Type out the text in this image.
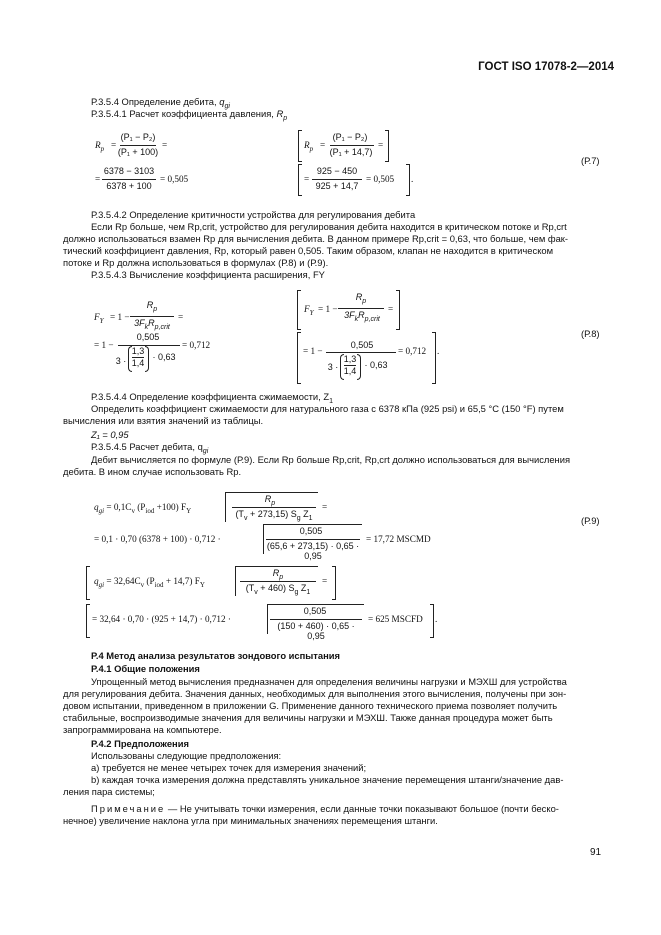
ГОСТ ISO 17078-2—2014
Р.3.5.4 Определение дебита, $q_{gi}$
Р.3.5.4.1 Расчет коэффициента давления, $R_p$
$R_p$ =
(P₁ − P₂)
(P₁ + 100)
=
=
6378 − 3103
6378 + 100
= 0,505
$R_p$ =
(P₁ − P₂)
(P₁ + 14,7)
=
=
925 − 450
925 + 14,7
= 0,505 .
(Р.7)
Р.3.5.4.2 Определение критичности устройства для регулирования дебита
Если Rp больше, чем Rp,crit, устройство для регулирования дебита находится в критическом потоке и Rp,crt
должно использоваться взамен Rp для вычисления дебита. В данном примере Rp,crit = 0,63, что больше, чем фак-
тический коэффициент давления, Rp, который равен 0,505. Таким образом, клапан не находится в критическом
потоке и Rp должна использоваться в формулах (Р.8) и (Р.9).
Р.3.5.4.3 Вычисление коэффициента расширения, FY
$F_Y = 1$ −
$R_p$
$3F_kR_{p,crit}$
=
= 1 −
0,505
3 ·
1,3
1,4
· 0,63
= 0,712
$F_Y = 1$ −
$R_p$
$3F_kR_{p,crit}$
=
= 1 −
0,505
3 ·
1,3
1,4
· 0,63
= 0,712 .
(Р.8)
Р.3.5.4.4 Определение коэффициента сжимаемости, $Z_1$
Определить коэффициент сжимаемости для натурального газа с 6378 кПа (925 psi) и 65,5 °C (150 °F) путем
вычисления или взятия значений из таблицы.
Z₁ = 0,95
Р.3.5.4.5 Расчет дебита, $q_{gi}$
Дебит вычисляется по формуле (Р.9). Если Rp больше Rp,crit, Rp,crt должно использоваться для вычисления
дебита. В ином случае использовать Rp.
$q_{gi} = 0,1C_v$ $(P_{iod} +100)$ $F_Y$
$R_p$
$(T_v + 273,15)$ $S_g$ $Z_1$
=
= 0,1 · 0,70 (6378 + 100) · 0,712 ·
0,505
(65,6 + 273,15) · 0,65 · 0,95
= 17,72 MSCMD
$q_{gi} = 32,64C_v$ $(P_{iod} + 14,7)$ $F_Y$
$R_p$
$(T_v + 460)$ $S_g$ $Z_1$
=
= 32,64 · 0,70 · (925 + 14,7) · 0,712 ·
0,505
(150 + 460) · 0,65 · 0,95
= 625 MSCFD .
(Р.9)
Р.4 Метод анализа результатов зондового испытания
Р.4.1 Общие положения
Упрощенный метод вычисления предназначен для определения величины нагрузки и МЭХШ для устройства
для регулирования дебита. Значения данных, необходимых для выполнения этого вычисления, получены при зон-
довом испытании, приведенном в приложении G. Применение данного технического приема позволяет получить
стабильные, воспроизводимые значения для величины нагрузки и МЭХШ. Также данная процедура может быть
запрограммирована на компьютере.
Р.4.2 Предположения
Использованы следующие предположения:
а) требуется не менее четырех точек для измерения значений;
b) каждая точка измерения должна представлять уникальное значение перемещения штанги/значение дав-
ления пара системы;
Примечание — Не учитывать точки измерения, если данные точки показывают большое (почти беско-
нечное) увеличение наклона угла при минимальных значениях перемещения штанги.
91
